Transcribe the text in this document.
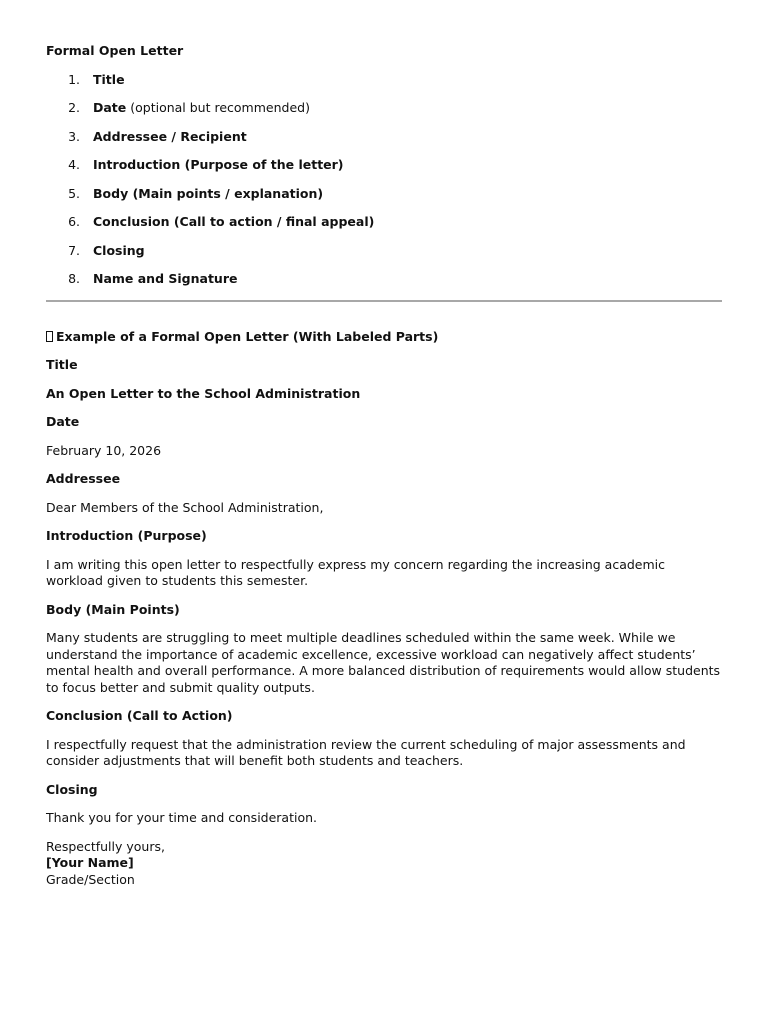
Formal Open Letter

1. Title
2. Date (optional but recommended)
3. Addressee / Recipient
4. Introduction (Purpose of the letter)
5. Body (Main points / explanation)
6. Conclusion (Call to action / final appeal)
7. Closing
8. Name and Signature

Example of a Formal Open Letter (With Labeled Parts)

Title

An Open Letter to the School Administration

Date

February 10, 2026

Addressee

Dear Members of the School Administration,

Introduction (Purpose)

I am writing this open letter to respectfully express my concern regarding the increasing academic workload given to students this semester.

Body (Main Points)

Many students are struggling to meet multiple deadlines scheduled within the same week. While we understand the importance of academic excellence, excessive workload can negatively affect students’ mental health and overall performance. A more balanced distribution of requirements would allow students to focus better and submit quality outputs.

Conclusion (Call to Action)

I respectfully request that the administration review the current scheduling of major assessments and consider adjustments that will benefit both students and teachers.

Closing

Thank you for your time and consideration.

Respectfully yours,

[Your Name]

Grade/Section
